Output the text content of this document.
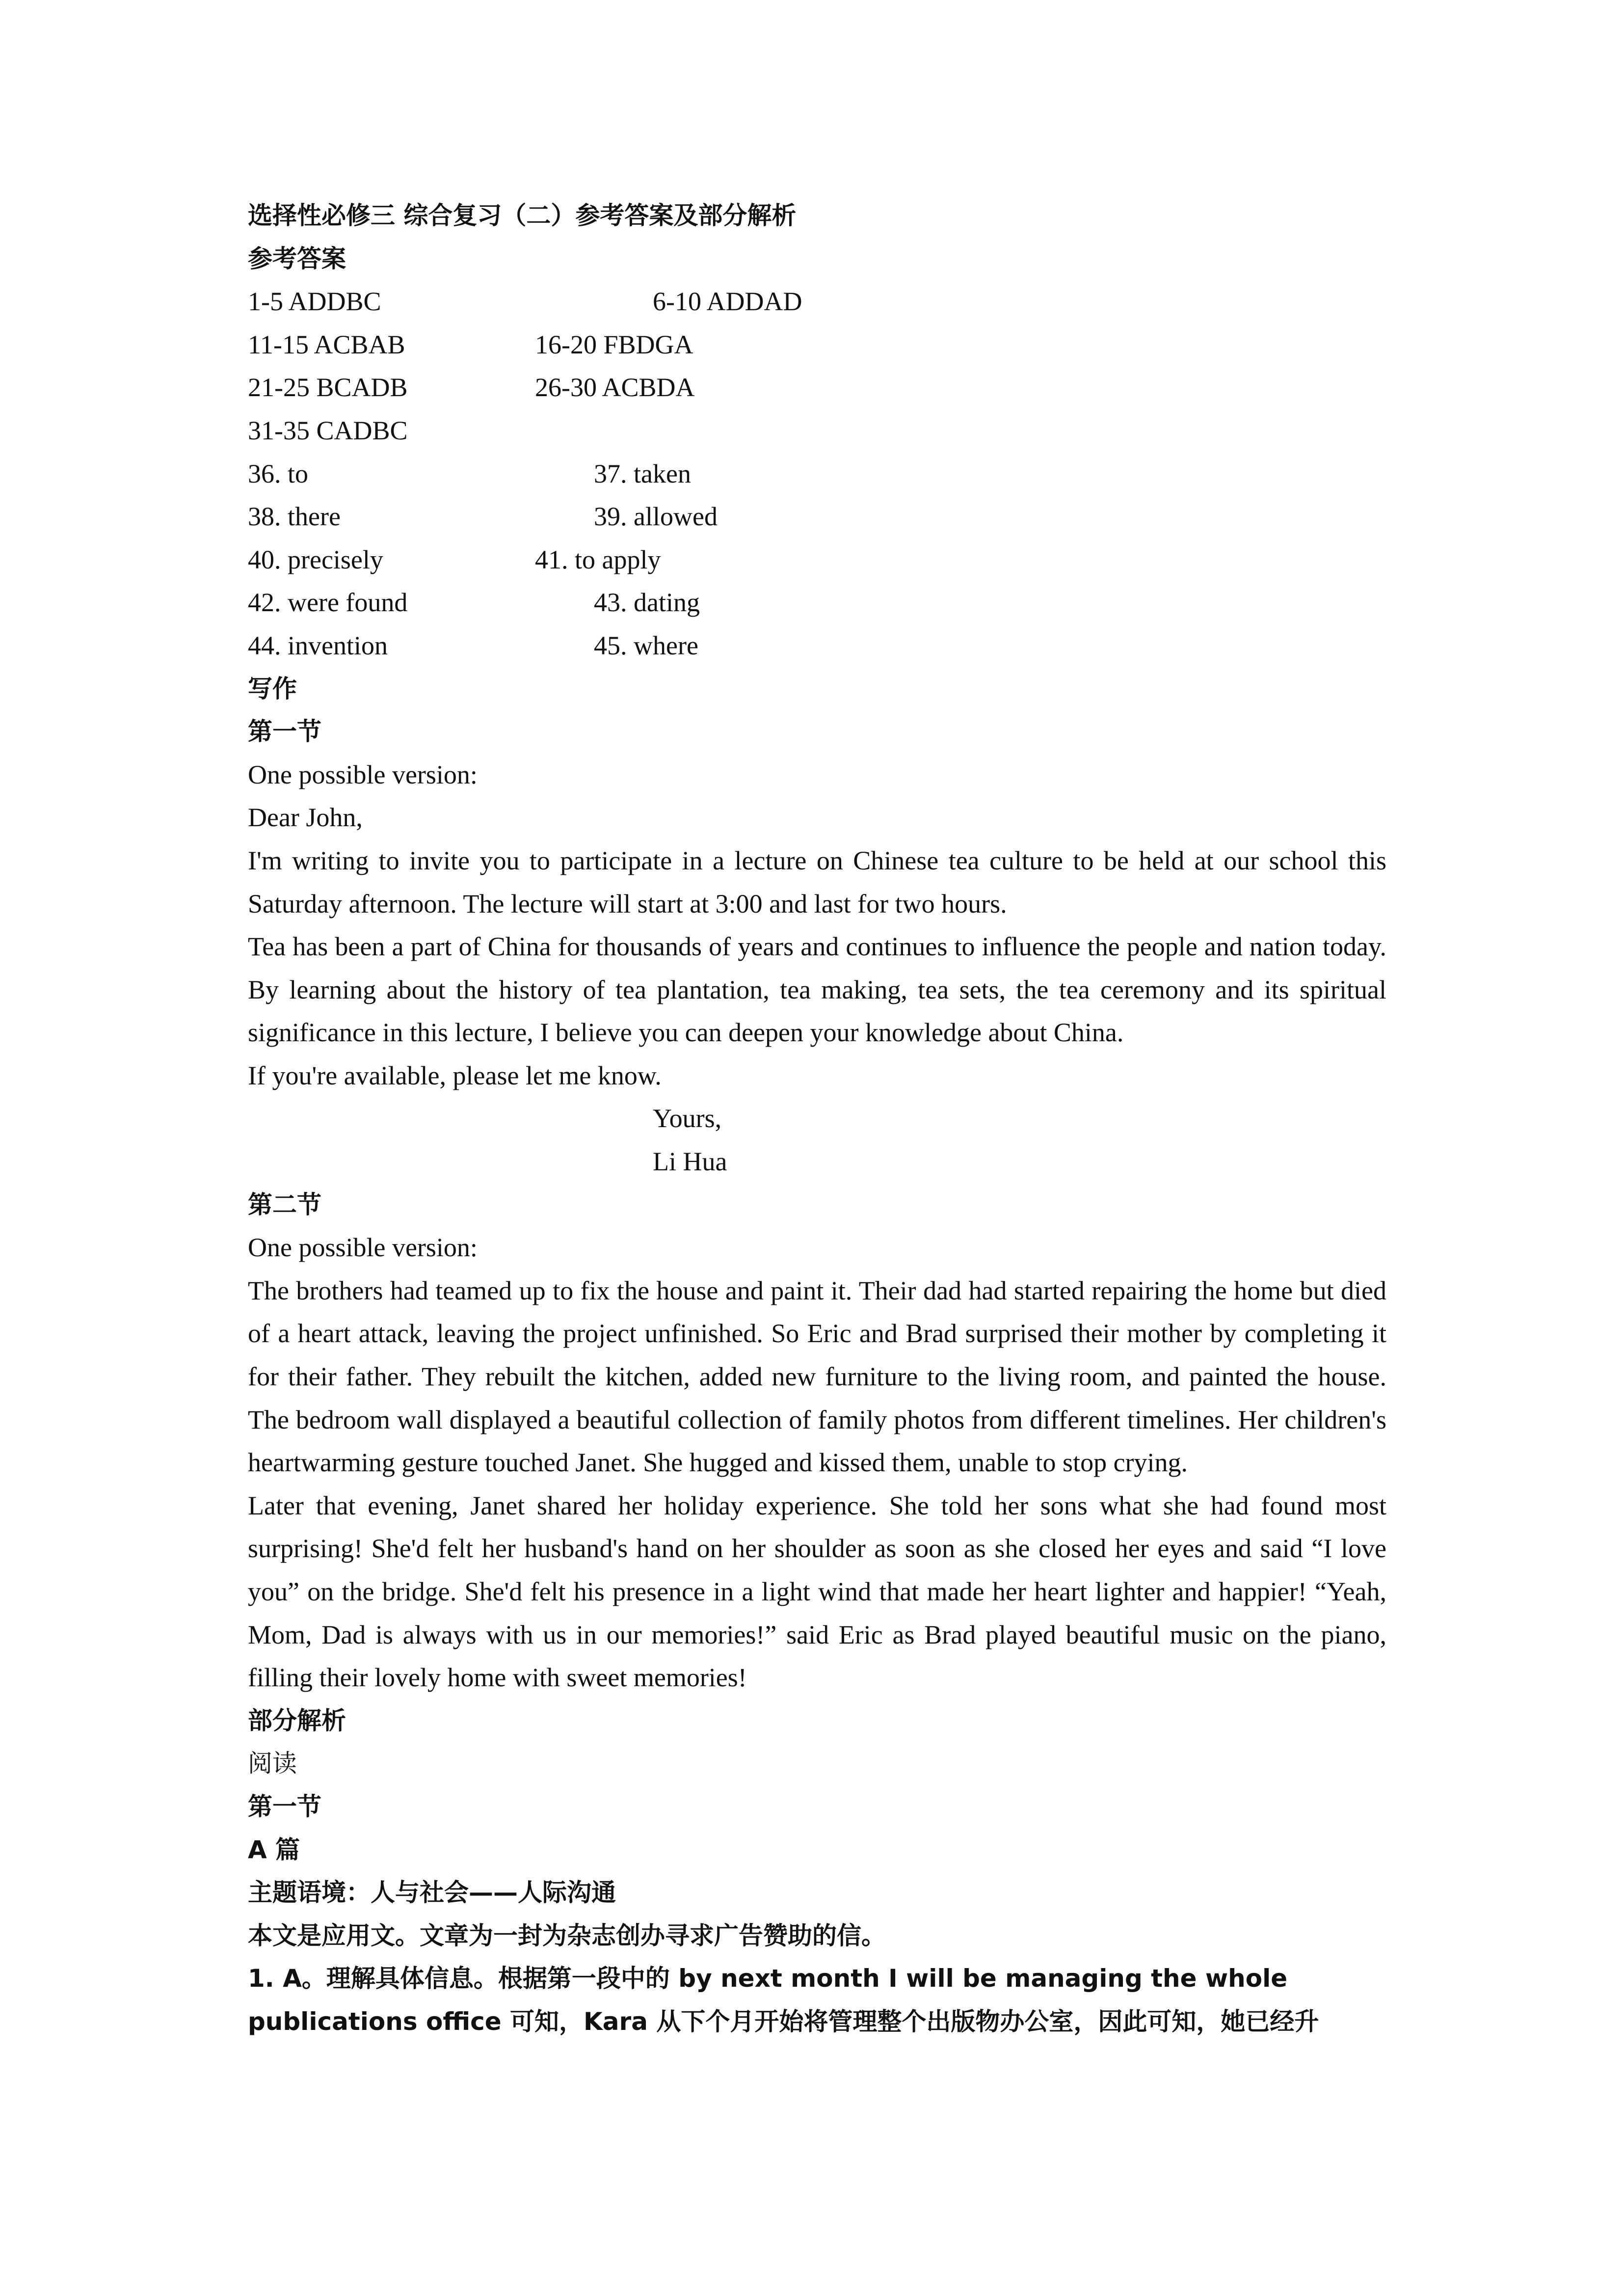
选择性必修三 综合复习（二）参考答案及部分解析
参考答案
1-5 ADDBC	6-10 ADDAD
11-15 ACBAB	16-20 FBDGA
21-25 BCADB	26-30 ACBDA
31-35 CADBC
36. to	37. taken
38. there	39. allowed
40. precisely	41. to apply
42. were found	43. dating
44. invention	45. where
写作
第一节
One possible version:
Dear John,
I'm writing to invite you to participate in a lecture on Chinese tea culture to be held at our school this Saturday afternoon. The lecture will start at 3:00 and last for two hours.
Tea has been a part of China for thousands of years and continues to influence the people and nation today. By learning about the history of tea plantation, tea making, tea sets, the tea ceremony and its spiritual significance in this lecture, I believe you can deepen your knowledge about China.
If you're available, please let me know.
Yours,
Li Hua
第二节
One possible version:
The brothers had teamed up to fix the house and paint it. Their dad had started repairing the home but died of a heart attack, leaving the project unfinished. So Eric and Brad surprised their mother by completing it for their father. They rebuilt the kitchen, added new furniture to the living room, and painted the house. The bedroom wall displayed a beautiful collection of family photos from different timelines. Her children's heartwarming gesture touched Janet. She hugged and kissed them, unable to stop crying.
Later that evening, Janet shared her holiday experience. She told her sons what she had found most surprising! She'd felt her husband's hand on her shoulder as soon as she closed her eyes and said “I love you” on the bridge. She'd felt his presence in a light wind that made her heart lighter and happier! “Yeah, Mom, Dad is always with us in our memories!” said Eric as Brad played beautiful music on the piano, filling their lovely home with sweet memories!
部分解析
阅读
第一节
A 篇
主题语境：人与社会——人际沟通
本文是应用文。文章为一封为杂志创办寻求广告赞助的信。
1. A。理解具体信息。根据第一段中的 by next month I will be managing the whole
publications office 可知，Kara 从下个月开始将管理整个出版物办公室，因此可知，她已经升
